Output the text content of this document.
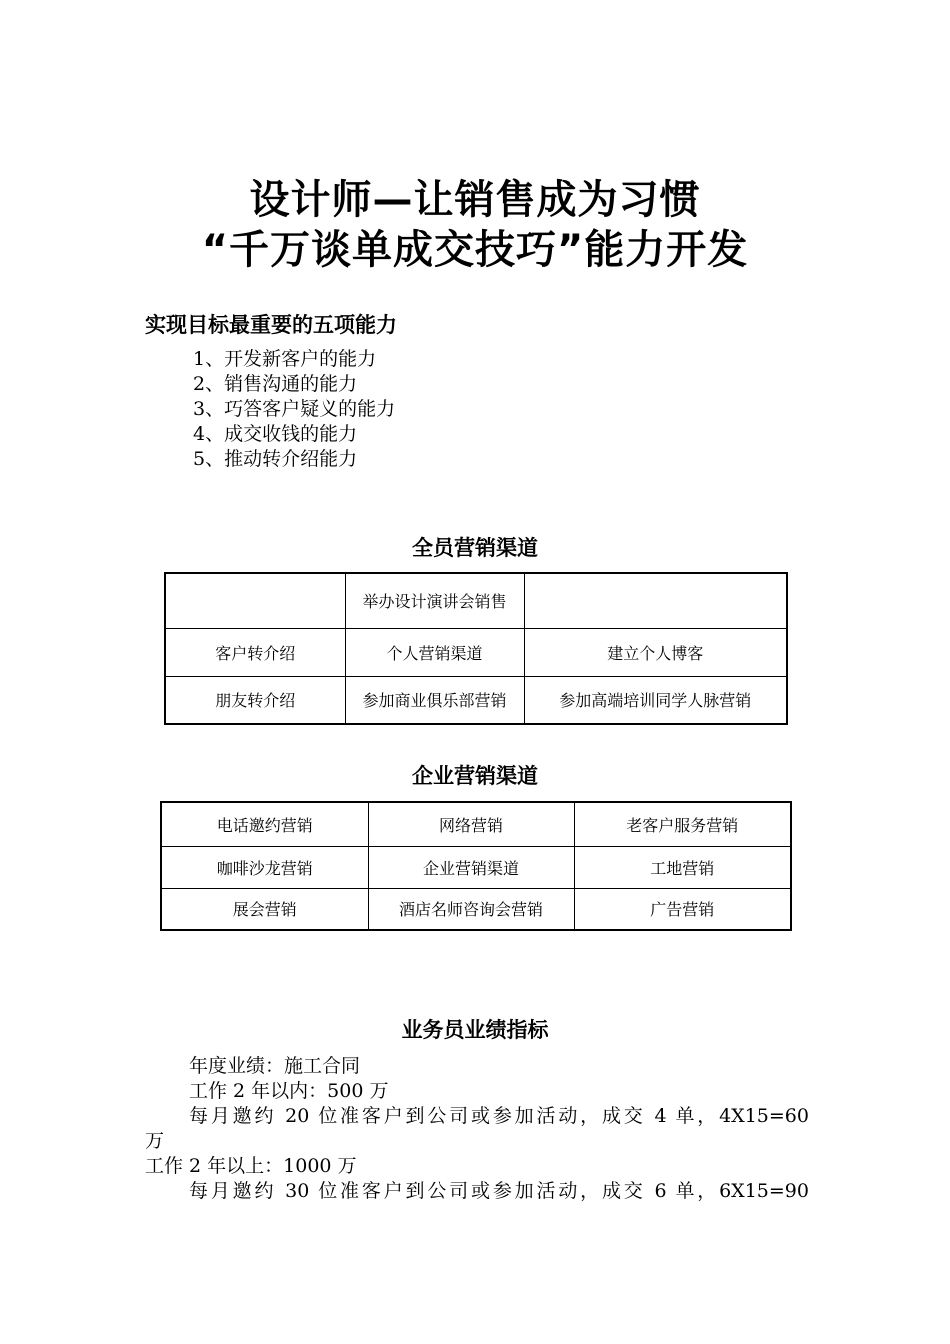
设计师—让销售成为习惯
“千万谈单成交技巧”能力开发
实现目标最重要的五项能力
1、开发新客户的能力
2、销售沟通的能力
3、巧答客户疑义的能力
4、成交收钱的能力
5、推动转介绍能力
全员营销渠道
	举办设计演讲会销售	
客户转介绍	个人营销渠道	建立个人博客
朋友转介绍	参加商业俱乐部营销	参加高端培训同学人脉营销
企业营销渠道
电话邀约营销	网络营销	老客户服务营销
咖啡沙龙营销	企业营销渠道	工地营销
展会营销	酒店名师咨询会营销	广告营销
业务员业绩指标
年度业绩：施工合同
工作 2 年以内：500 万
每月邀约 20 位准客户到公司或参加活动，成交 4 单，4X15=60
万
工作 2 年以上：1000 万
每月邀约 30 位准客户到公司或参加活动，成交 6 单，6X15=90
